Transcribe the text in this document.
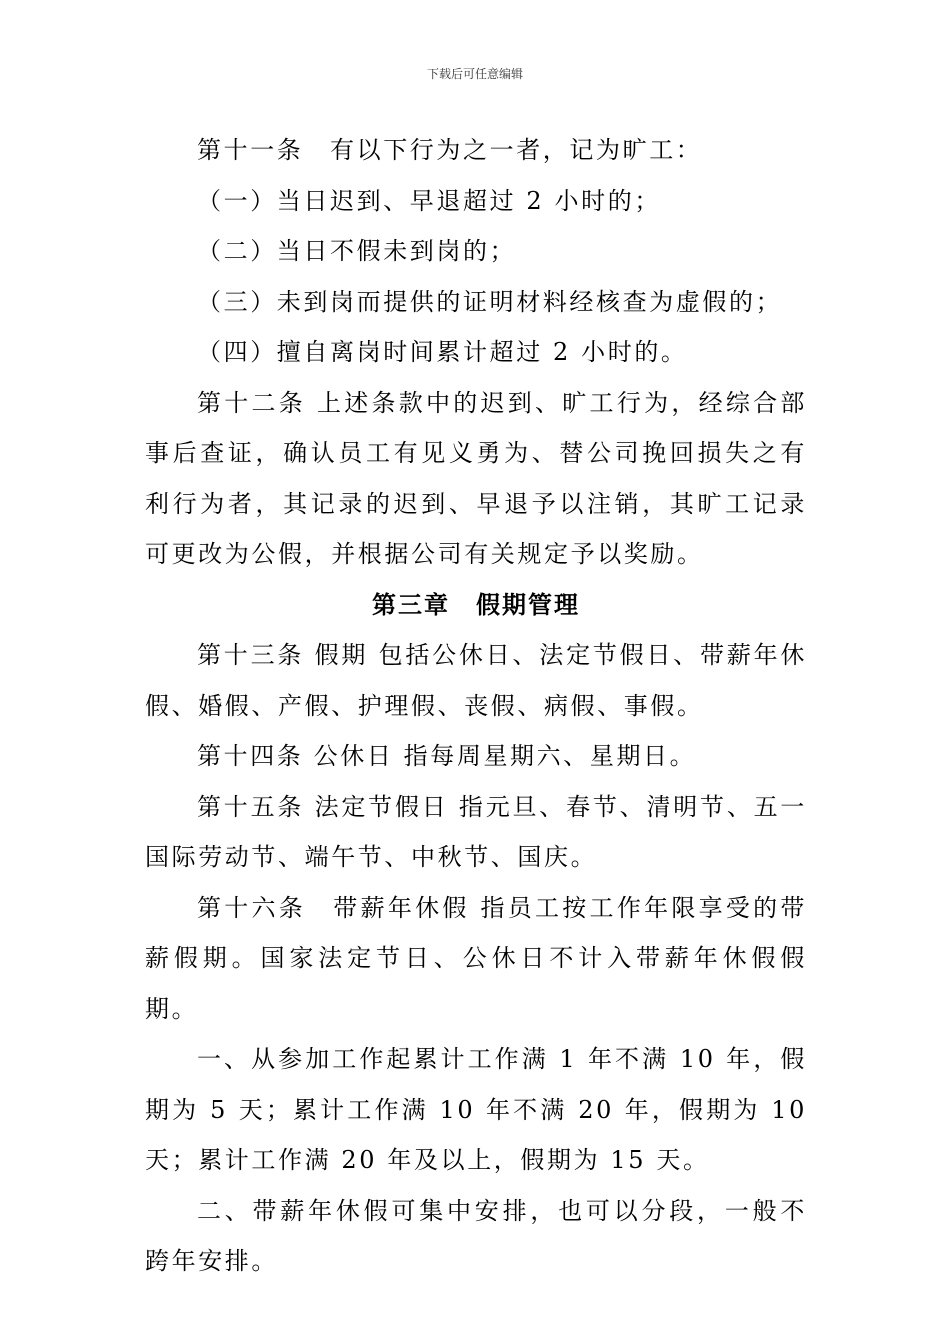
下载后可任意编辑

第十一条　有以下行为之一者，记为旷工：

（一）当日迟到、早退超过 2 小时的；

（二）当日不假未到岗的；

（三）未到岗而提供的证明材料经核查为虚假的；

（四）擅自离岗时间累计超过 2 小时的。

第十二条 上述条款中的迟到、旷工行为，经综合部事后查证，确认员工有见义勇为、替公司挽回损失之有利行为者，其记录的迟到、早退予以注销，其旷工记录可更改为公假，并根据公司有关规定予以奖励。

第三章　假期管理

第十三条 假期 包括公休日、法定节假日、带薪年休假、婚假、产假、护理假、丧假、病假、事假。

第十四条 公休日 指每周星期六、星期日。

第十五条 法定节假日 指元旦、春节、清明节、五一国际劳动节、端午节、中秋节、国庆。

第十六条　带薪年休假 指员工按工作年限享受的带薪假期。国家法定节日、公休日不计入带薪年休假假期。

一、从参加工作起累计工作满 1 年不满 10 年，假期为 5 天；累计工作满 10 年不满 20 年，假期为 10 天；累计工作满 20 年及以上，假期为 15 天。

二、带薪年休假可集中安排，也可以分段，一般不跨年安排。
